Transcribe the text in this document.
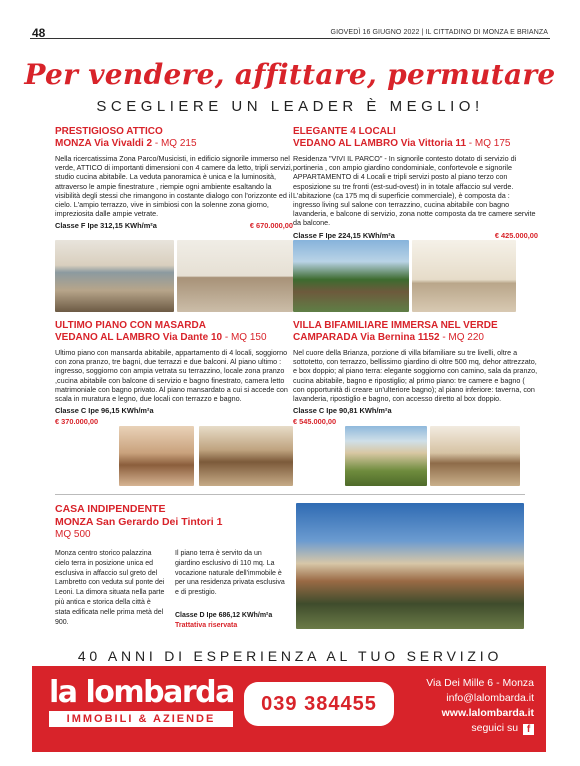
48	GIOVEDÌ 16 GIUGNO 2022 | IL CITTADINO DI MONZA E BRIANZA
Per vendere, affittare, permutare
SCEGLIERE UN LEADER È MEGLIO!
PRESTIGIOSO ATTICO
MONZA Via Vivaldi 2 - MQ 215
Nella ricercatissima Zona Parco/Musicisti, in edificio signorile immerso nel verde, ATTICO di importanti dimensioni con 4 camere da letto, tripli servizi, studio cucina abitabile. La veduta panoramica è unica e la luminosità, attraverso le ampie finestrature , riempie ogni ambiente esaltando la visibilità degli stessi che rimangono in costante dialogo con l'orizzonte ed il cielo. L'ampio terrazzo, vive in simbiosi con la solenne zona giorno, impreziosita dalle ampie vetrate.
Classe F Ipe 312,15 KWh/m²a	€ 670.000,00
ELEGANTE 4 LOCALI
VEDANO AL LAMBRO Via Vittoria 11 - MQ 175
Residenza "VIVI IL PARCO" - In signorile contesto dotato di servizio di portineria , con ampio giardino condominiale, confortevole e signorile APPARTAMENTO di 4 Locali e tripli servizi posto al piano terzo con esposizione su tre fronti (est-sud-ovest) in in totale affaccio sul verde. L'abitazione (ca 175 mq di superficie commerciale), è composta da : ingresso living sul salone con terrazzino, cucina abitabile con bagno lavanderia, e balcone di servizio, zona notte composta da tre camere servite da balcone.
Classe F Ipe 224,15 KWh/m²a	€ 425.000,00
ULTIMO PIANO CON MASARDA
VEDANO AL LAMBRO Via Dante 10 - MQ 150
Ultimo piano con mansarda abitabile, appartamento di 4 locali, soggiorno con zona pranzo, tre bagni, due terrazzi e due balconi. Al piano ultimo : ingresso, soggiorno con ampia vetrata su terrazzino, locale zona pranzo ,cucina abitabile con balcone di servizio e bagno finestrato, camera letto matrimoniale con bagno privato. Al piano mansardato a cui si accede con scala in muratura e legno, due locali con terrazzo e bagno.
Classe C Ipe 96,15 KWh/m²a
€ 370.000,00
VILLA BIFAMILIARE IMMERSA NEL VERDE
CAMPARADA Via Bernina 1152 - MQ 220
Nel cuore della Brianza, porzione di villa bifamiliare su tre livelli, oltre a sottotetto, con terrazzo, bellissimo giardino di oltre 500 mq, dehor attrezzato, e box doppio; al piano terra: elegante soggiorno con camino, sala da pranzo, cucina abitabile, bagno e ripostiglio; al primo piano: tre camere e bagno ( con opportunità di creare un'ulteriore bagno); al piano inferiore: taverna, con lavanderia, ripostiglio e bagno, con accesso diretto al box doppio.
Classe C Ipe 90,81 KWh/m²a
€ 545.000,00
CASA INDIPENDENTE
MONZA San Gerardo Dei Tintori 1
MQ 500
Monza centro storico palazzina cielo terra in posizione unica ed esclusiva in affaccio sul greto del Lambretto con veduta sul ponte dei Leoni. La dimora situata nella parte più antica e storica della città è stata edificata nelle prima metà del 900.
Il piano terra è servito da un giardino esclusivo di 110 mq. La vocazione naturale dell'immobile è per una residenza privata esclusiva e di prestigio.
Classe D Ipe 686,12 KWh/m²a
Trattativa riservata
40 ANNI DI ESPERIENZA AL TUO SERVIZIO
la lombarda
IMMOBILI & AZIENDE
039 384455
Via Dei Mille 6 - Monza
info@lalombarda.it
www.lalombarda.it
seguici su f
